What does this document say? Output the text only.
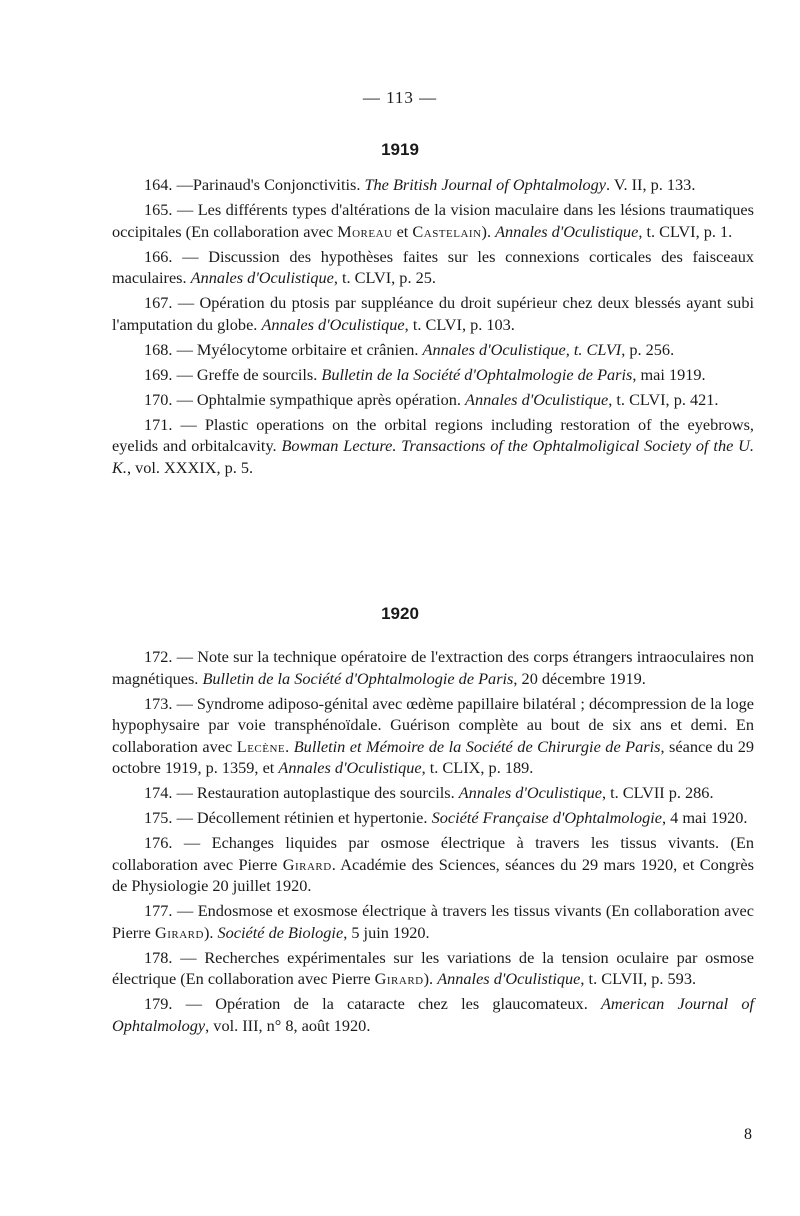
— 113 —
1919

164. —Parinaud's Conjonctivitis. The British Journal of Ophtalmology. V. II, p. 133.

165. — Les différents types d'altérations de la vision maculaire dans les lésions traumatiques occipitales (En collaboration avec Moreau et Castelain). Annales d'Oculistique, t. CLVI, p. 1.

166. — Discussion des hypothèses faites sur les connexions corticales des faisceaux maculaires. Annales d'Oculistique, t. CLVI, p. 25.

167. — Opération du ptosis par suppléance du droit supérieur chez deux blessés ayant subi l'amputation du globe. Annales d'Oculistique, t. CLVI, p. 103.

168. — Myélocytome orbitaire et crânien. Annales d'Oculistique, t. CLVI, p. 256.

169. — Greffe de sourcils. Bulletin de la Société d'Ophtalmologie de Paris, mai 1919.

170. — Ophtalmie sympathique après opération. Annales d'Oculistique, t. CLVI, p. 421.

171. — Plastic operations on the orbital regions including restoration of the eyebrows, eyelids and orbitalcavity. Bowman Lecture. Transactions of the Ophtalmoligical Society of the U. K., vol. XXXIX, p. 5.

1920

172. — Note sur la technique opératoire de l'extraction des corps étrangers intraoculaires non magnétiques. Bulletin de la Société d'Ophtalmologie de Paris, 20 décembre 1919.

173. — Syndrome adiposo-génital avec œdème papillaire bilatéral ; décompression de la loge hypophysaire par voie transphénoïdale. Guérison complète au bout de six ans et demi. En collaboration avec Lecène. Bulletin et Mémoire de la Société de Chirurgie de Paris, séance du 29 octobre 1919, p. 1359, et Annales d'Oculistique, t. CLIX, p. 189.

174. — Restauration autoplastique des sourcils. Annales d'Oculistique, t. CLVII p. 286.

175. — Décollement rétinien et hypertonie. Société Française d'Ophtalmologie, 4 mai 1920.

176. — Echanges liquides par osmose électrique à travers les tissus vivants. (En collaboration avec Pierre Girard. Académie des Sciences, séances du 29 mars 1920, et Congrès de Physiologie 20 juillet 1920.

177. — Endosmose et exosmose électrique à travers les tissus vivants (En collaboration avec Pierre Girard). Société de Biologie, 5 juin 1920.

178. — Recherches expérimentales sur les variations de la tension oculaire par osmose électrique (En collaboration avec Pierre Girard). Annales d'Oculistique, t. CLVII, p. 593.

179. — Opération de la cataracte chez les glaucomateux. American Journal of Ophtalmology, vol. III, n° 8, août 1920.

8
